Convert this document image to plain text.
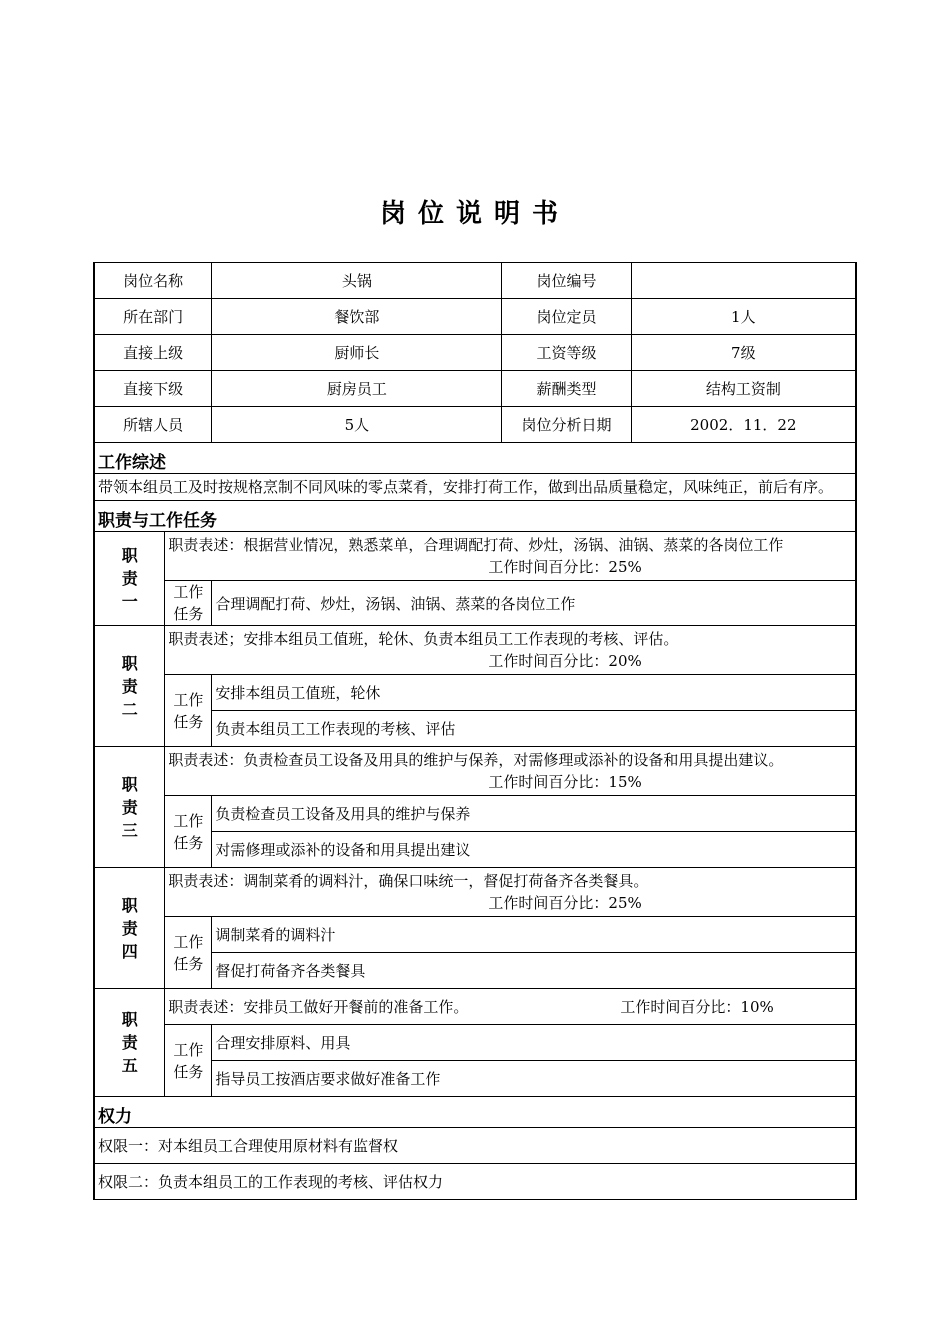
岗位说明书
岗位名称		头锅	岗位编号	
所在部门		餐饮部	岗位定员	1人
直接上级		厨师长	工资等级	7级
直接下级		厨房员工	薪酬类型	结构工资制
所辖人员		5人	岗位分析日期	2002．11．22
工作综述				
带领本组员工及时按规格烹制不同风味的零点菜肴，安排打荷工作，做到出品质量稳定，风味纯正，前后有序。				
职责与工作任务				
职责一	职责表述：根据营业情况，熟悉菜单，合理调配打荷、炒灶，汤锅、油锅、蒸菜的各岗位工作
工作时间百分比：25%			

	工作任务	合理调配打荷、炒灶，汤锅、油锅、蒸菜的各岗位工作		
职责二	职责表述；安排本组员工值班，轮休、负责本组员工工作表现的考核、评估。
工作时间百分比：20%			

	工作任务	安排本组员工值班，轮休		
		负责本组员工工作表现的考核、评估		
职责三	职责表述：负责检查员工设备及用具的维护与保养，对需修理或添补的设备和用具提出建议。
工作时间百分比：15%			

	工作任务	负责检查员工设备及用具的维护与保养		
		对需修理或添补的设备和用具提出建议		
职责四	职责表述：调制菜肴的调料汁，确保口味统一，督促打荷备齐各类餐具。
工作时间百分比：25%			

	工作任务	调制菜肴的调料汁		
		督促打荷备齐各类餐具		
职责五	职责表述：安排员工做好开餐前的准备工作。 工作时间百分比：10%			

	工作任务	合理安排原料、用具		
		指导员工按酒店要求做好准备工作		
权力				
权限一：对本组员工合理使用原材料有监督权				
权限二：负责本组员工的工作表现的考核、评估权力				
